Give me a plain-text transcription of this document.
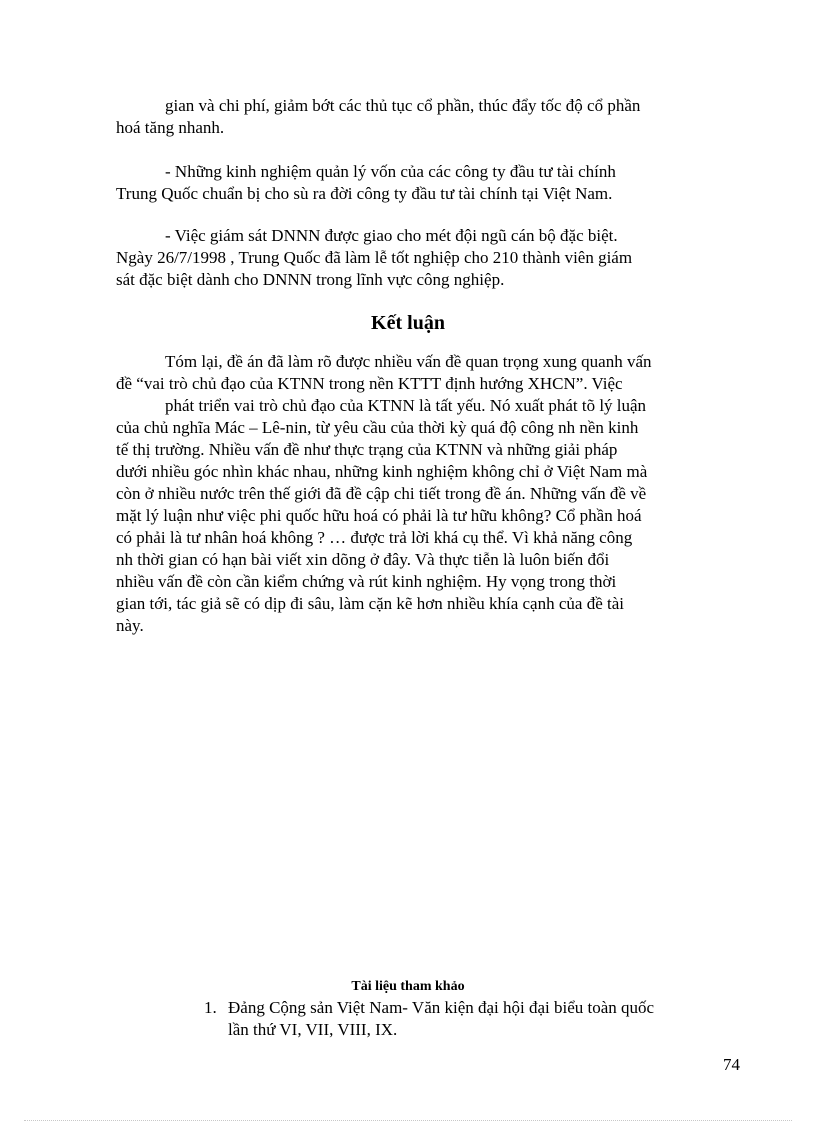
gian và chi phí, giảm bớt các thủ tục cổ phần, thúc đẩy tốc độ cổ phần
hoá tăng nhanh.

- Những kinh nghiệm quản lý vốn của các công ty đầu tư tài chính
Trung Quốc chuẩn bị cho sù ra đời công ty đầu tư tài chính tại Việt Nam.

- Việc giám sát DNNN được giao cho mét đội ngũ cán bộ đặc biệt.
Ngày 26/7/1998 , Trung Quốc đã làm lễ tốt nghiệp cho 210 thành viên giám
sát đặc biệt dành cho DNNN trong lĩnh vực công nghiệp.

Kết luận

Tóm lại, đề án đã làm rõ được nhiều vấn đề quan trọng xung quanh vấn
đề “vai trò chủ đạo của KTNN trong nền KTTT định hướng XHCN”. Việc
phát triển vai trò chủ đạo của KTNN là tất yếu. Nó xuất phát tõ lý luận
của chủ nghĩa Mác – Lê-nin, từ yêu cầu của thời kỳ quá độ công nh nền kinh
tế thị trường. Nhiều vấn đề như thực trạng của KTNN và những giải pháp
dưới nhiều góc nhìn khác nhau, những kinh nghiệm không chỉ ở Việt Nam mà
còn ở nhiều nước trên thế giới đã đề cập chi tiết trong đề án. Những vấn đề về
mặt lý luận như việc phi quốc hữu hoá có phải là tư hữu không? Cổ phần hoá
có phải là tư nhân hoá không ? … được trả lời khá cụ thể. Vì khả năng công
nh thời gian có hạn bài viết xin dõng ở đây. Và thực tiễn là luôn biến đổi
nhiều vấn đề còn cần kiểm chứng và rút kinh nghiệm. Hy vọng trong thời
gian tới, tác giả sẽ có dịp đi sâu, làm cặn kẽ hơn nhiều khía cạnh của đề tài
này.

Tài liệu tham khảo
1. Đảng Cộng sản Việt Nam- Văn kiện đại hội đại biểu toàn quốc
lần thứ VI, VII, VIII, IX.
74
